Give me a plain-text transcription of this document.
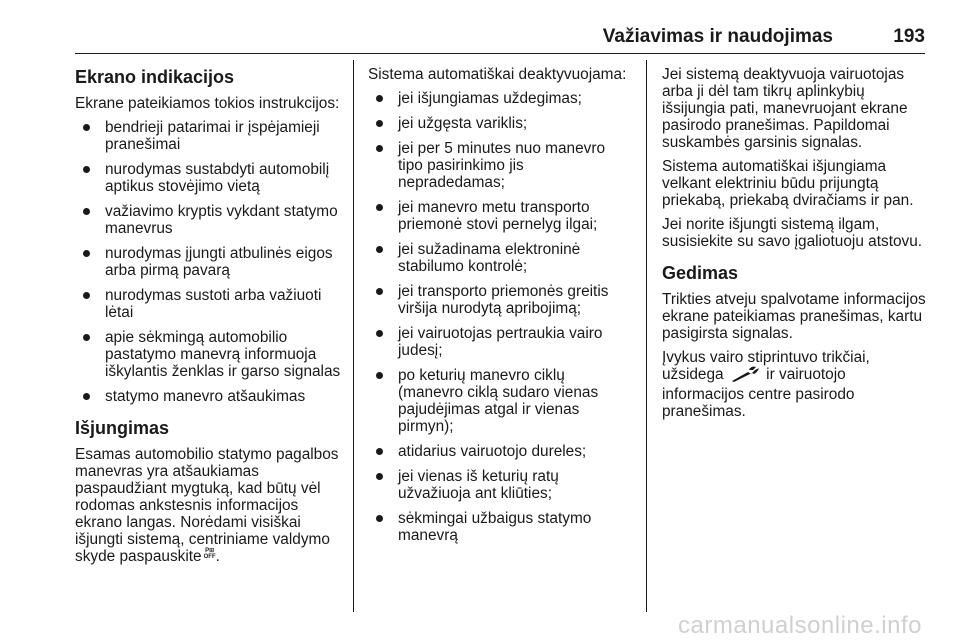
Važiavimas ir naudojimas	193
Ekrano indikacijos

Ekrane pateikiamos tokios instrukcijos:

bendrieji patarimai ir įspėjamieji pranešimai
nurodymas sustabdyti automobilį aptikus stovėjimo vietą
važiavimo kryptis vykdant statymo manevrus
nurodymas įjungti atbulinės eigos arba pirmą pavarą
nurodymas sustoti arba važiuoti lėtai
apie sėkmingą automobilio pastatymo manevrą informuoja iškylantis ženklas ir garso signalas
statymo manevro atšaukimas
Išjungimas

Esamas automobilio statymo pagalbos manevras yra atšaukiamas paspaudžiant mygtuką, kad būtų vėl rodomas ankstesnis informacijos ekrano langas. Norėdami visiškai išjungti sistemą, centriniame valdymo skyde paspauskite P⊞
OFF.

Sistema automatiškai deaktyvuojama:

jei išjungiamas uždegimas;
jei užgęsta variklis;
jei per 5 minutes nuo manevro tipo pasirinkimo jis nepradedamas;
jei manevro metu transporto priemonė stovi pernelyg ilgai;
jei sužadinama elektroninė stabilumo kontrolė;
jei transporto priemonės greitis viršija nurodytą apribojimą;
jei vairuotojas pertraukia vairo judesį;
po keturių manevro ciklų (manevro ciklą sudaro vienas pajudėjimas atgal ir vienas pirmyn);
atidarius vairuotojo dureles;
jei vienas iš keturių ratų užvažiuoja ant kliūties;
sėkmingai užbaigus statymo manevrą

Jei sistemą deaktyvuoja vairuotojas arba ji dėl tam tikrų aplinkybių išsijungia pati, manevruojant ekrane pasirodo pranešimas. Papildomai suskambės garsinis signalas.

Sistema automatiškai išjungiama velkant elektriniu būdu prijungtą priekabą, priekabą dviračiams ir pan.

Jei norite išjungti sistemą ilgam, susisiekite su savo įgaliotuoju atstovu.

Gedimas

Trikties atveju spalvotame informacijos ekrane pateikiamas pranešimas, kartu pasigirsta signalas.

Įvykus vairo stiprintuvo trikčiai, užsidega	ir vairuotojo informacijos centre pasirodo pranešimas.

carmanualsonline.info
